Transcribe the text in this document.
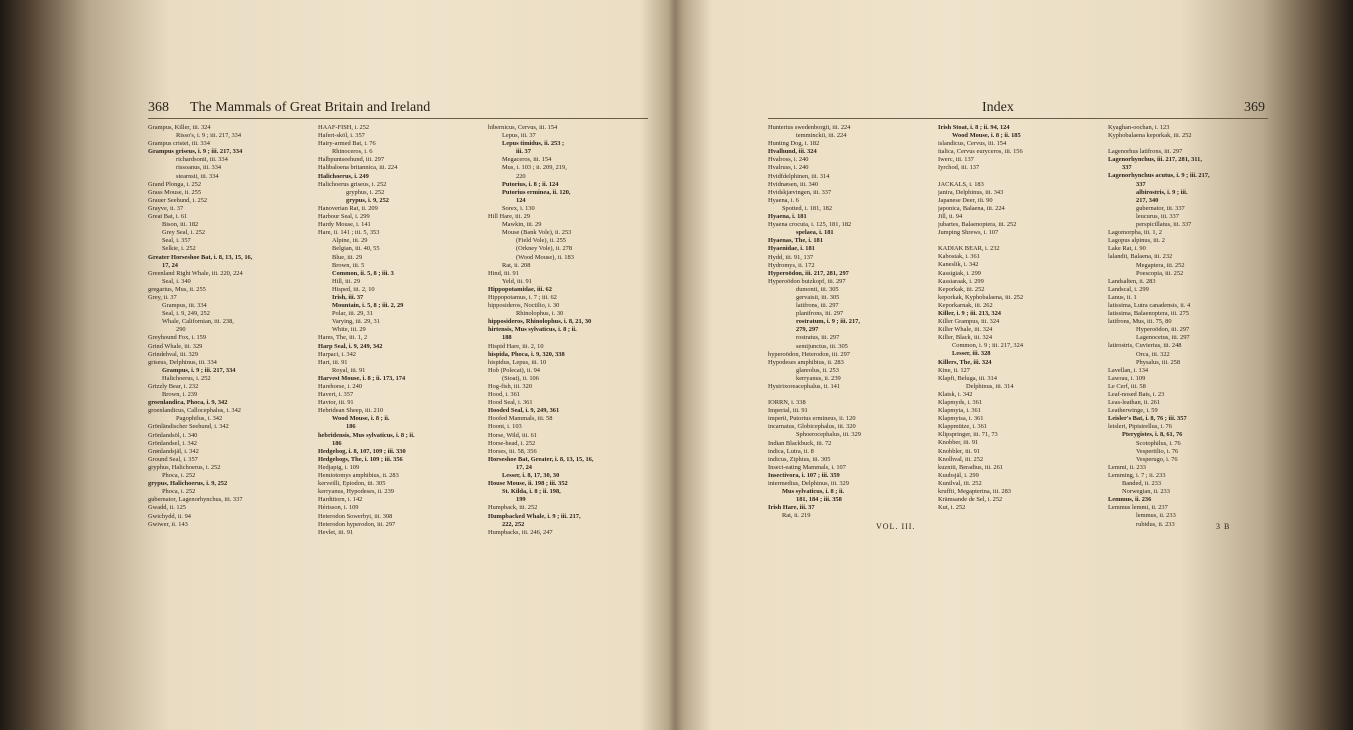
368 The Mammals of Great Britain and Ireland
Grampus, Killer, iii. 324
Risso's, i. 9 ; iii. 217, 334
Grampus cristei, iii. 334
Grampus griseus, i. 9 ; iii. 217, 334
richardsonii, iii. 334
rissoanus, iii. 334
stearnsii, iii. 334
Grand Plonga, i. 252
Grass Mouse, ii. 255
Grauer Seehund, i. 252
Grayve, ii. 37
Great Bat, i. 61
Bison, iii. 182
Grey Seal, i. 252
Seal, i. 357
Selkie, i. 252
Greater Horseshoe Bat, i. 8, 13, 15, 16,
17, 24
Greenland Right Whale, iii. 220, 224
Seal, i. 340
gregarius, Mus, ii. 255
Grey, ii. 37
Grampus, iii. 334
Seal, i. 9, 249, 252
Whale, Californian, iii. 238,
290
Greyhound Fox, i. 159
Grind Whale, iii. 329
Grindehval, iii. 329
griseus, Delphinus, iii. 334
Grampus, i. 9 ; iii. 217, 334
Halichoerus, i. 252
Grizzly Bear, i. 232
Brown, i. 239
groenlandica, Phoca, i. 9, 342
groenlandicus, Callocephalus, i. 342
Pagophilus, i. 342
Grönländischer Seehund, i. 342
Grönlandsöl, i. 340
Grönlandsel, i. 342
Grønlandsjäl, i. 342
Ground Seal, i. 357
gryphus, Halichoerus, i. 252
Phoca, i. 252
grypus, Halichoerus, i. 9, 252
Phoca, i. 252
gubernator, Lagenorhynchus, iii. 337
Gwadd, ii. 125
Gwichydd, ii. 94
Gwiwer, ii. 143
HAAF-FISH, i. 252
Hafert-sköl, i. 357
Hairy-armed Bat, i. 76
Rhinoceros, i. 6
Halbpuntseehund, iii. 297
Halibaloena britannica, iii. 224
Halichoerus, i. 249
Halichoerus griseus, i. 252
gryphus, i. 252
grypus, i. 9, 252
Hanoverian Rat, ii. 209
Harbour Seal, i. 299
Hardy Mouse, i. 141
Hare, ii. 141 ; iii. 5, 353
Alpine, iii. 29
Belgian, iii. 40, 55
Blue, iii. 29
Brown, iii. 5
Common, ii. 5, 8 ; iii. 3
Hill, iii. 29
Hisped, iii. 2, 10
Irish, iii. 37
Mountain, i. 5, 8 ; iii. 2, 29
Polar, iii. 29, 31
Varying, iii. 29, 31
White, iii. 29
Hares, The, iii. 1, 2
Harp Seal, i. 9, 249, 342
Harpaci, i. 342
Hart, iii. 91
Royal, iii. 91
Harvest Mouse, i. 8 ; ii. 173, 174
Harehorse, i. 240
Havert, i. 357
Havtor, iii. 91
Hebridean Sheep, iii. 210
Wood Mouse, i. 8 ; ii.
186
hebridensis, Mus sylvaticus, i. 8 ; ii.
186
Hedgehog, i. 8, 107, 109 ; iii. 330
Hedgehogs, The, i. 109 ; iii. 356
Hedjapig, i. 109
Hemiotomys amphibius, ii. 283
kerveilli, Epiodon, iii. 305
kerryanus, Hypodeses, ii. 239
Hardtitorn, i. 142
Hérisson, i. 109
Heterodon Sowerbyi, iii. 308
Heterodon hyperodon, iii. 297
Hevlet, iii. 91
hibernicus, Cervus, iii. 154
Lepus, iii. 37
Lepus timidus, ii. 253 ;
iii. 37
Megaceros, iii. 154
Mus, i. 103 ; ii. 209, 219,
220
Putorius, i. 8 ; ii. 124
Putorius erminea, ii. 120,
124
Sorex, i. 130
Hill Hare, iii. 29
Mawkin, iii. 29
Mouse (Bank Vole), ii. 253
(Field Vole), ii. 255
(Orkney Vole), ii. 278
(Wood Mouse), ii. 183
Rat, ii. 208
Hind, iii. 91
Yeld, iii. 91
Hippopotamidae, iii. 62
Hippopotamus, i. 7 ; iii. 62
hipposideros, Noctilio, i. 30
Rhinolophus, i. 30
hipposideros, Rhinolophus, i. 8, 21, 30
hirtensis, Mus sylvaticus, i. 8 ; ii.
188
Hispid Hare, iii. 2, 10
hispida, Phoca, i. 9, 320, 338
hispidus, Lepus, iii. 10
Hob (Polecat), ii. 94
(Stoat), ii. 106
Hog-fish, iii. 320
Hood, i. 361
Hood Seal, i. 361
Hooded Seal, i. 9, 249, 361
Hoofed Mammals, iii. 58
Hoont, i. 103
Horse, Wild, iii. 61
Horse-head, i. 252
Horses, iii. 58, 356
Horseshoe Bat, Greater, i. 8, 13, 15, 16,
17, 24
Lesser, i. 8, 17, 30, 30
House Mouse, ii. 198 ; iii. 352
St. Kilda, i. 8 ; ii. 198,
199
Humpback, iii. 252
Humpbacked Whale, i. 9 ; iii. 217,
222, 252
Humpbacks, iii. 246, 247
Index	369
Hunterius swedenborgii, iii. 224
temminckii, iii. 224
Hunting Dog, i. 182
Hvalhund, iii. 324
Hvalross, i. 240
Hvalruss, i. 240
Hvidfdelphinen, iii. 314
Hvidnæsen, iii. 340
Hvidskjævingen, iii. 337
Hyaena, i. 6
Spotted, i. 181, 182
Hyaena, i. 181
Hyaena crocuta, i. 125, 181, 182
spelaea, i. 181
Hyaenas, The, i. 181
Hyaenidae, i. 181
Hydd, iii. 91, 137
Hydromys, ii. 172
Hyperoödon, iii. 217, 281, 297
Hyperoödon butzkopf, iii. 297
dumonti, iii. 305
gervaisii, iii. 305
latifrons, iii. 297
planifrons, iii. 297
rostratum, i. 9 ; iii. 217,
279, 297
rostratus, iii. 297
semijunctus, iii. 305
hyperoödon, Heterodon, iii. 297
Hypodeses amphibius, ii. 283
glareolus, ii. 253
kerryanus, ii. 239
Hystrixoreacephalus, ii. 141
IORRN, i. 338
Imperial, iii. 91
imperii, Putorius ermineus, ii. 120
incarnatus, Globicephalus, iii. 320
Sphoerocephalus, iii. 329
Indian Blackbuck, iii. 72
indica, Lutra, ii. 8
indicus, Ziphius, iii. 305
Insect-eating Mammals, i. 107
Insectivora, i. 107 ; iii. 359
intermedius, Delphinus, iii. 329
Mus sylvaticus, i. 8 ; ii.
181, 184 ; iii. 358
Irish Hare, iii. 37
Rat, ii. 219
Irish Stoat, i. 8 ; ii. 94, 124
Wood Mouse, i. 8 ; ii. 185
islandicus, Cervus, iii. 154
italica, Cervus euryceros, iii. 156
Iwerc, iii. 137
Iyrchod, iii. 137
JACKALS, i. 183
janira, Delphinus, iii. 343
Japanese Deer, iii. 90
japonica, Balaena, iii. 224
Jill, ii. 94
jubartes, Balaenoptera, iii. 252
Jumping Shrews, i. 107
KADIAK BEAR, i. 232
Kabostak, i. 361
Kaneslik, i. 342
Kassigiak, i. 299
Kassiaraak, i. 299
Keporkak, iii. 252
keporkak, Kyphobalaena, iii. 252
Keporkarnak, iii. 262
Killer, i. 9 ; iii. 213, 324
Killer Grampus, iii. 324
Killer Whale, iii. 324
Killer, Black, iii. 324
Common, i. 9 ; iii. 217, 324
Lesser, iii. 328
Killers, The, iii. 324
Kine, ii. 127
Klapfi, Beluga, iii. 314
Delphinus, iii. 314
Klatsk, i. 342
Klapmyds, i. 361
Klapmyta, i. 361
Klapmytsa, i. 361
Klappmütze, i. 361
Klipspringer, iii. 71, 73
Knobber, iii. 91
Knobbler, iii. 91
Knolhval, iii. 252
kuzniii, Beradius, iii. 261
Kuubsjäl, i. 299
Kunilval, iii. 252
kruffii, Megapterina, iii. 283
Krämsande de Sel, i. 252
Kut, i. 252
Kyaghan-oochan, i. 123
Kyphobalaena keporkak, iii. 252
Lagenorhus latifrons, iii. 297
Lagenorhynchus, iii. 217, 281, 311,
337
Lagenorhynchus acutus, i. 9 ; iii. 217,
337
albirostris, i. 9 ; iii.
217, 340
gubernator, iii. 337
leucurus, iii. 337
perspicillatus, iii. 337
Lagomorpha, iii. 1, 2
Lagopus alpinus, iii. 2
Lake Rat, i. 90
lalandii, Balaena, iii. 232
Megaptera, iii. 252
Poescopia, iii. 252
Landsalten, ii. 283
Landscal, i. 299
Lanus, ii. 1
latissima, Lutra canadensis, ii. 4
latissima, Balaenoptera, iii. 275
latifrons, Mus, iii. 75, 80
Hyperoödon, iii. 297
Lagenocetus, iii. 297
latirostris, Cuvierius, iii. 248
Orca, iii. 322
Physalus, iii. 258
Lavellan, i. 134
Lawrau, i. 109
Le Cerf, iii. 58
Leaf-nosed Bats, i. 23
Leas-leathan, ii. 261
Leatherwinge, i. 59
Leisler's Bat, i. 8, 76 ; iii. 357
leisleri, Pipistrellus, i. 76
Pterygistes, i. 8, 61, 76
Scotophilus, i. 76
Vespertilio, i. 76
Vesperugo, i. 76
Lemmi, ii. 233
Lemming, i. 7 ; ii. 233
Banded, ii. 233
Norwegian, ii. 233
Lemmus, ii. 236
Lemmus lemmi, ii. 237
lemmus, ii. 233
rubidus, ii. 233
VOL. III.	3 B
